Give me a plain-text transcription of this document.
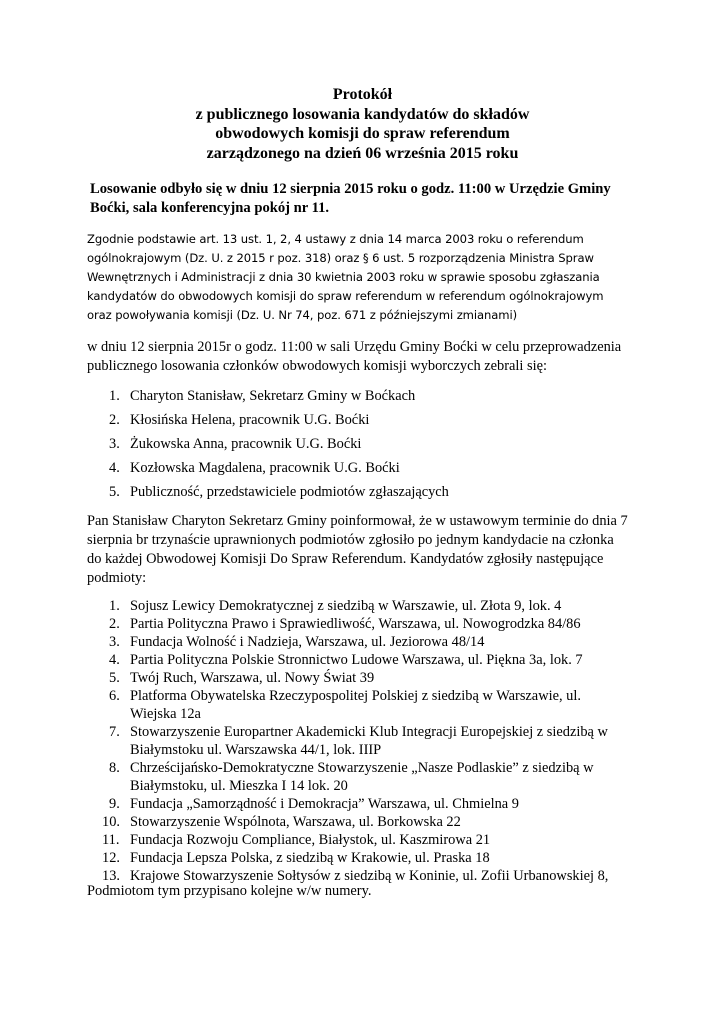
Protokół
z publicznego losowania kandydatów do składów
obwodowych komisji do spraw referendum
zarządzonego na dzień 06 września 2015 roku
Losowanie odbyło się w dniu 12 sierpnia 2015 roku o godz. 11:00 w Urzędzie Gminy
Boćki, sala konferencyjna pokój nr 11.
Zgodnie podstawie art. 13 ust. 1, 2, 4 ustawy z dnia 14 marca 2003 roku o referendum
ogólnokrajowym (Dz. U. z 2015 r poz. 318) oraz § 6 ust. 5 rozporządzenia Ministra Spraw
Wewnętrznych i Administracji z dnia 30 kwietnia 2003 roku w sprawie sposobu zgłaszania
kandydatów do obwodowych komisji do spraw referendum w referendum ogólnokrajowym
oraz powoływania komisji (Dz. U. Nr 74, poz. 671 z późniejszymi zmianami)
w dniu 12 sierpnia 2015r o godz. 11:00 w sali Urzędu Gminy Boćki w celu przeprowadzenia
publicznego losowania członków obwodowych komisji wyborczych zebrali się:
1. Charyton Stanisław, Sekretarz Gminy w Boćkach
2. Kłosińska Helena, pracownik U.G. Boćki
3. Żukowska Anna, pracownik U.G. Boćki
4. Kozłowska Magdalena, pracownik U.G. Boćki
5. Publiczność, przedstawiciele podmiotów zgłaszających
Pan Stanisław Charyton Sekretarz Gminy poinformował, że w ustawowym terminie do dnia 7
sierpnia br trzynaście uprawnionych podmiotów zgłosiło po jednym kandydacie na członka
do każdej Obwodowej Komisji Do Spraw Referendum. Kandydatów zgłosiły następujące
podmioty:
1. Sojusz Lewicy Demokratycznej z siedzibą w Warszawie, ul. Złota 9, lok. 4
2. Partia Polityczna Prawo i Sprawiedliwość, Warszawa, ul. Nowogrodzka 84/86
3. Fundacja Wolność i Nadzieja, Warszawa, ul. Jeziorowa 48/14
4. Partia Polityczna Polskie Stronnictwo Ludowe Warszawa, ul. Piękna 3a, lok. 7
5. Twój Ruch, Warszawa, ul. Nowy Świat 39
6. Platforma Obywatelska Rzeczypospolitej Polskiej z siedzibą w Warszawie, ul.
Wiejska 12a
7. Stowarzyszenie Europartner Akademicki Klub Integracji Europejskiej z siedzibą w
Białymstoku ul. Warszawska 44/1, lok. IIIP
8. Chrześcijańsko-Demokratyczne Stowarzyszenie „Nasze Podlaskie” z siedzibą w
Białymstoku, ul. Mieszka I 14 lok. 20
9. Fundacja „Samorządność i Demokracja” Warszawa, ul. Chmielna 9
10. Stowarzyszenie Wspólnota, Warszawa, ul. Borkowska 22
11. Fundacja Rozwoju Compliance, Białystok, ul. Kaszmirowa 21
12. Fundacja Lepsza Polska, z siedzibą w Krakowie, ul. Praska 18
13. Krajowe Stowarzyszenie Sołtysów z siedzibą w Koninie, ul. Zofii Urbanowskiej 8,
Podmiotom tym przypisano kolejne w/w numery.
